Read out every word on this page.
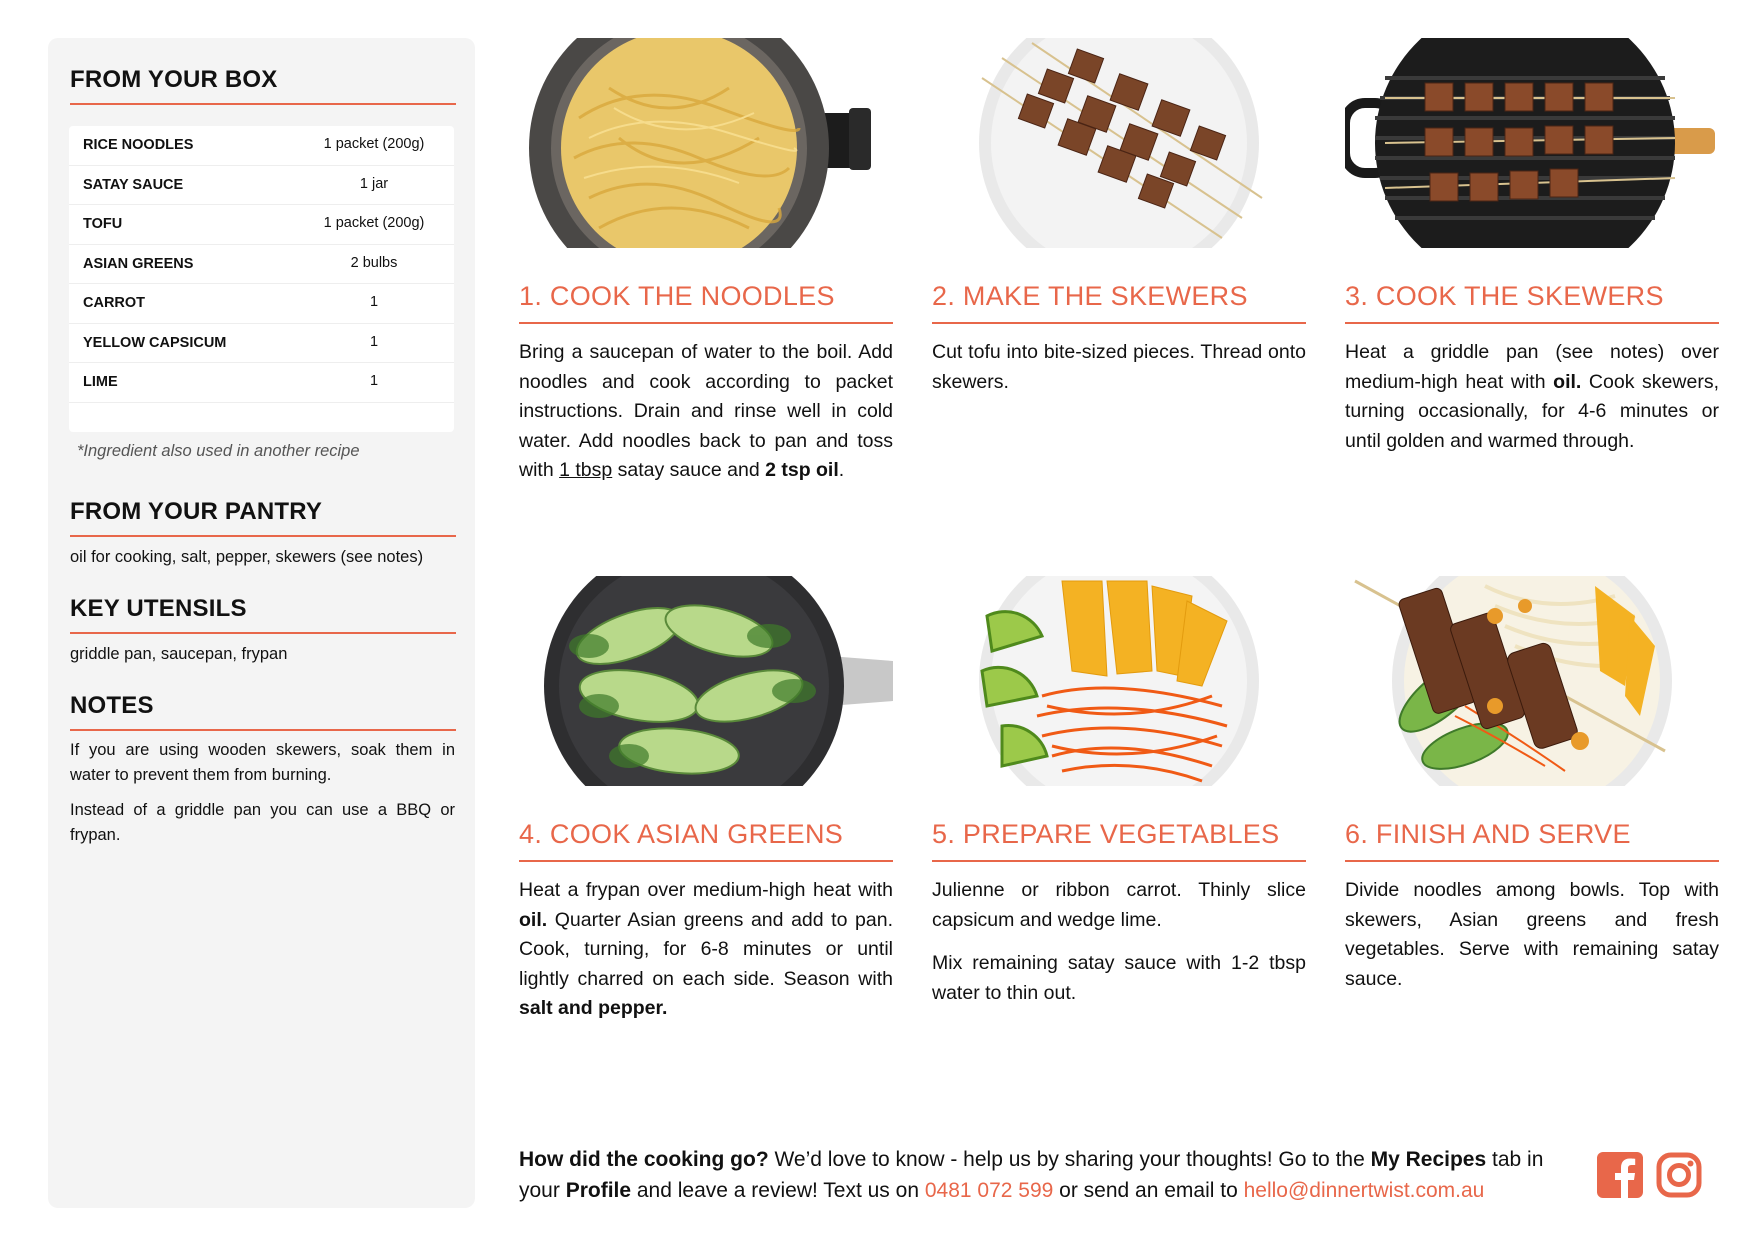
FROM YOUR BOX
RICE NOODLES	1 packet (200g)
SATAY SAUCE	1 jar
TOFU	1 packet (200g)
ASIAN GREENS	2 bulbs
CARROT	1
YELLOW CAPSICUM	1
LIME	1
*Ingredient also used in another recipe
FROM YOUR PANTRY

oil for cooking, salt, pepper, skewers (see notes)

KEY UTENSILS

griddle pan, saucepan, frypan

NOTES

If you are using wooden skewers, soak them in water to prevent them from burning.

Instead of a griddle pan you can use a BBQ or frypan.

1. COOK THE NOODLES

Bring a saucepan of water to the boil. Add noodles and cook according to packet instructions. Drain and rinse well in cold water. Add noodles back to pan and toss with 1 tbsp satay sauce and 2 tsp oil.

2. MAKE THE SKEWERS

Cut tofu into bite-sized pieces. Thread onto skewers.

3. COOK THE SKEWERS

Heat a griddle pan (see notes) over medium-high heat with oil. Cook skewers, turning occasionally, for 4-6 minutes or until golden and warmed through.

4. COOK ASIAN GREENS

Heat a frypan over medium-high heat with oil. Quarter Asian greens and add to pan. Cook, turning, for 6-8 minutes or until lightly charred on each side. Season with salt and pepper.

5. PREPARE VEGETABLES

Julienne or ribbon carrot. Thinly slice capsicum and wedge lime.

Mix remaining satay sauce with 1-2 tbsp water to thin out.

6. FINISH AND SERVE

Divide noodles among bowls. Top with skewers, Asian greens and fresh vegetables. Serve with remaining satay sauce.

How did the cooking go? We’d love to know - help us by sharing your thoughts! Go to the My Recipes tab in your Profile and leave a review! Text us on 0481 072 599 or send an email to hello@dinnertwist.com.au
